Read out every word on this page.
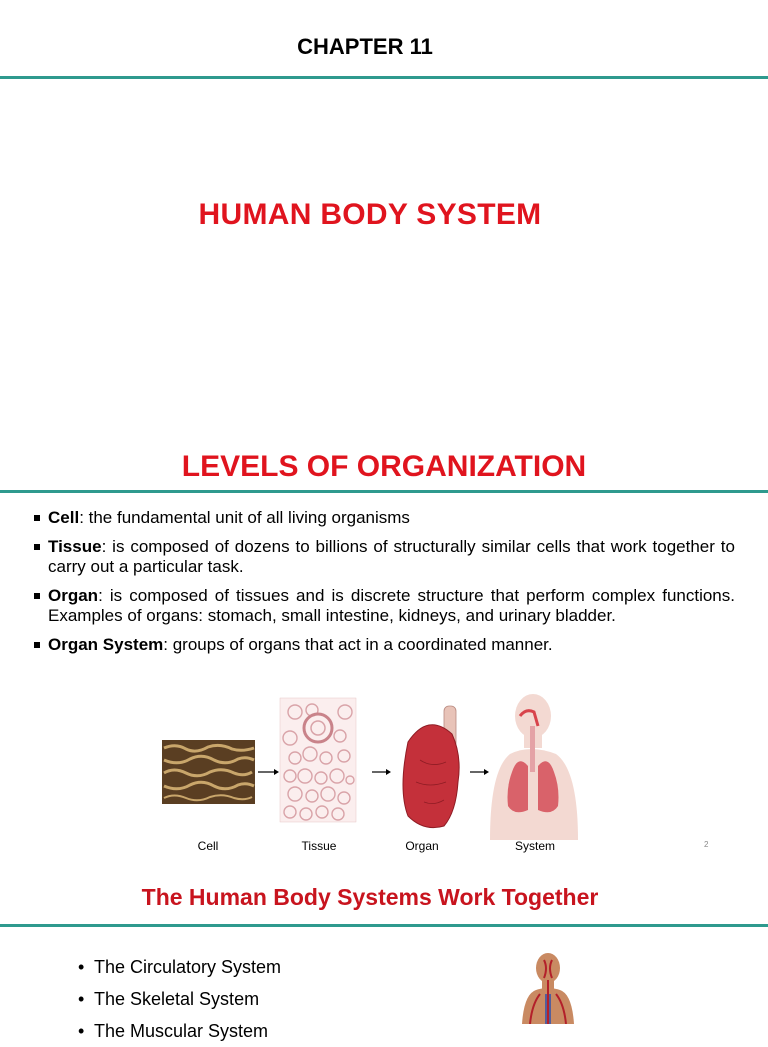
CHAPTER 11
HUMAN BODY SYSTEM
LEVELS OF ORGANIZATION
Cell: the fundamental unit of all living organisms
Tissue: is composed of dozens to billions of structurally similar cells that work together to carry out a particular task.
Organ: is composed of tissues and is discrete structure that perform complex functions. Examples of organs: stomach, small intestine, kidneys, and urinary bladder.
Organ System: groups of organs that act in a coordinated manner.
Cell	Tissue	Organ	System	2
The Human Body Systems Work Together
• The Circulatory System
• The Skeletal System
• The Muscular System
